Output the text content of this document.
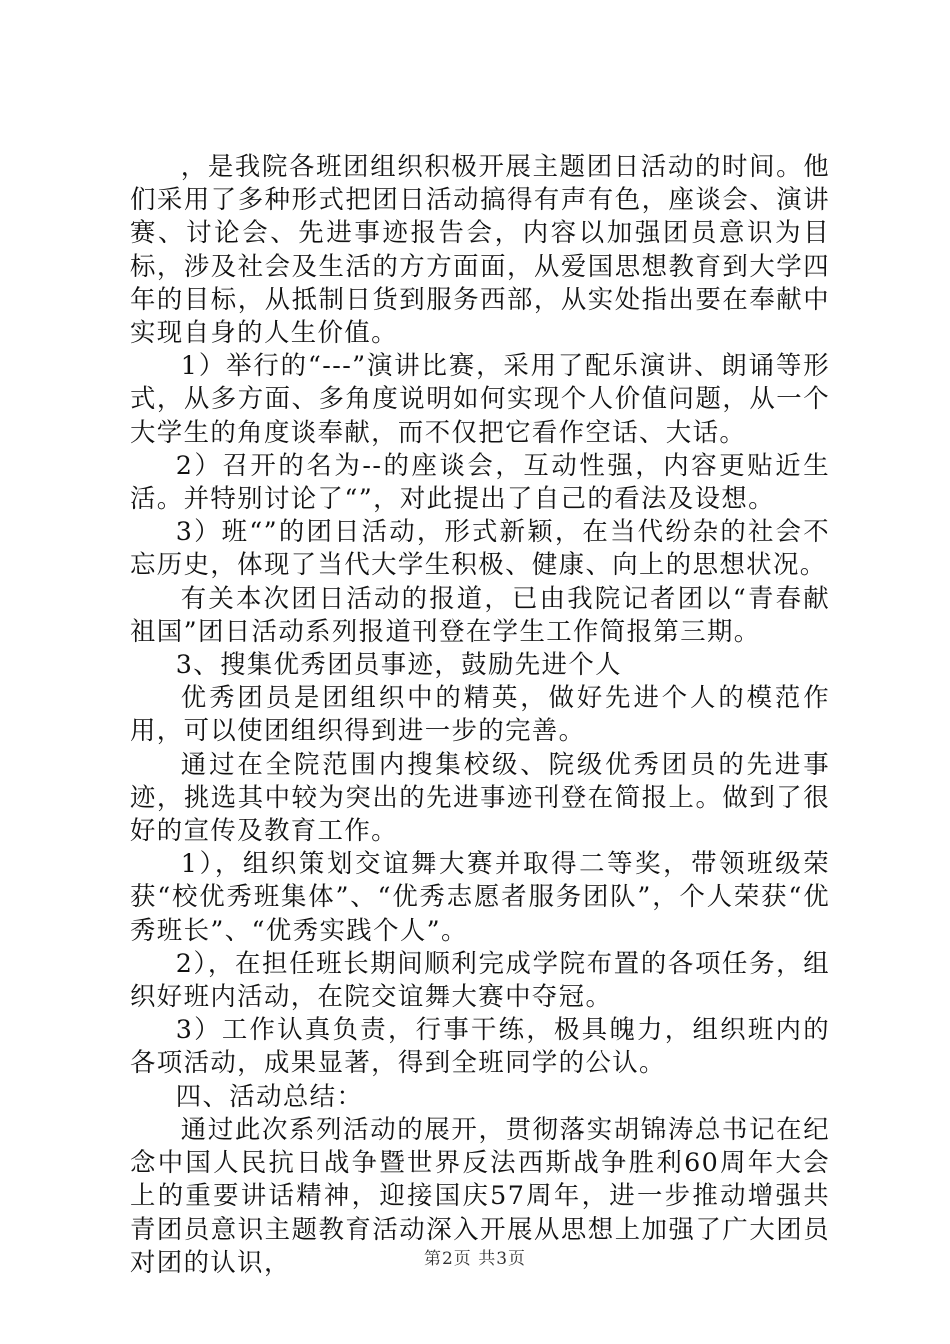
，是我院各班团组织积极开展主题团日活动的时间。他们采用了多种形式把团日活动搞得有声有色，座谈会、演讲赛、讨论会、先进事迹报告会，内容以加强团员意识为目标，涉及社会及生活的方方面面，从爱国思想教育到大学四年的目标，从抵制日货到服务西部，从实处指出要在奉献中实现自身的人生价值。

1）举行的“---”演讲比赛，采用了配乐演讲、朗诵等形式，从多方面、多角度说明如何实现个人价值问题，从一个大学生的角度谈奉献，而不仅把它看作空话、大话。

2）召开的名为--的座谈会，互动性强，内容更贴近生活。并特别讨论了“”，对此提出了自己的看法及设想。

3）班“”的团日活动，形式新颖，在当代纷杂的社会不忘历史，体现了当代大学生积极、健康、向上的思想状况。

有关本次团日活动的报道，已由我院记者团以“青春献祖国”团日活动系列报道刊登在学生工作简报第三期。

3、搜集优秀团员事迹，鼓励先进个人

优秀团员是团组织中的精英，做好先进个人的模范作用，可以使团组织得到进一步的完善。

通过在全院范围内搜集校级、院级优秀团员的先进事迹，挑选其中较为突出的先进事迹刊登在简报上。做到了很好的宣传及教育工作。

1），组织策划交谊舞大赛并取得二等奖，带领班级荣获“校优秀班集体”、“优秀志愿者服务团队”，个人荣获“优秀班长”、“优秀实践个人”。

2），在担任班长期间顺利完成学院布置的各项任务，组织好班内活动，在院交谊舞大赛中夺冠。

3）工作认真负责，行事干练，极具魄力，组织班内的各项活动，成果显著，得到全班同学的公认。

四、活动总结：

通过此次系列活动的展开，贯彻落实胡锦涛总书记在纪念中国人民抗日战争暨世界反法西斯战争胜利60周年大会上的重要讲话精神，迎接国庆57周年，进一步推动增强共青团员意识主题教育活动深入开展从思想上加强了广大团员对团的认识，	第2页 共3页
